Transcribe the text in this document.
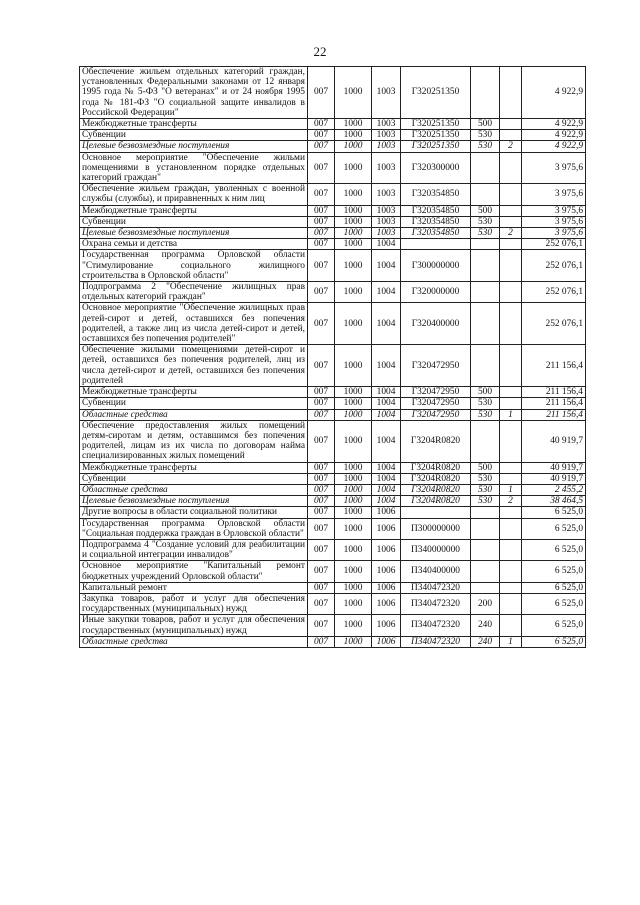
22
Обеспечение жильем отдельных категорий граждан, установленных Федеральными законами от 12 января 1995 года № 5-ФЗ "О ветеранах" и от 24 ноября 1995 года № 181-ФЗ "О социальной защите инвалидов в Российской Федерации"	007	1000	1003	Г320251350			4 922,9
Межбюджетные трансферты	007	1000	1003	Г320251350	500		4 922,9
Субвенции	007	1000	1003	Г320251350	530		4 922,9
Целевые безвозмездные поступления	007	1000	1003	Г320251350	530	2	4 922,9
Основное мероприятие "Обеспечение жильми помещениями в установленном порядке отдельных категорий граждан"	007	1000	1003	Г320300000			3 975,6
Обеспечение жильем граждан, уволенных с военной службы (службы), и приравненных к ним лиц	007	1000	1003	Г320354850			3 975,6
Межбюджетные трансферты	007	1000	1003	Г320354850	500		3 975,6
Субвенции	007	1000	1003	Г320354850	530		3 975,6
Целевые безвозмездные поступления	007	1000	1003	Г320354850	530	2	3 975,6
Охрана семьи и детства	007	1000	1004				252 076,1
Государственная программа Орловской области "Стимулирование социального жилищного строительства в Орловской области"	007	1000	1004	Г300000000			252 076,1
Подпрограмма 2 "Обеспечение жилищных прав отдельных категорий граждан"	007	1000	1004	Г320000000			252 076,1
Основное мероприятие "Обеспечение жилищных прав детей-сирот и детей, оставшихся без попечения родителей, а также лиц из числа детей-сирот и детей, оставшихся без попечения родителей"	007	1000	1004	Г320400000			252 076,1
Обеспечение жилыми помещениями детей-сирот и детей, оставшихся без попечения родителей, лиц из числа детей-сирот и детей, оставшихся без попечения родителей	007	1000	1004	Г320472950			211 156,4
Межбюджетные трансферты	007	1000	1004	Г320472950	500		211 156,4
Субвенции	007	1000	1004	Г320472950	530		211 156,4
Областные средства	007	1000	1004	Г320472950	530	1	211 156,4
Обеспечение предоставления жилых помещений детям-сиротам и детям, оставшимся без попечения родителей, лицам из их числа по договорам найма специализированных жилых помещений	007	1000	1004	Г3204R0820			40 919,7
Межбюджетные трансферты	007	1000	1004	Г3204R0820	500		40 919,7
Субвенции	007	1000	1004	Г3204R0820	530		40 919,7
Областные средства	007	1000	1004	Г3204R0820	530	1	2 455,2
Целевые безвозмездные поступления	007	1000	1004	Г3204R0820	530	2	38 464,5
Другие вопросы в области социальной политики	007	1000	1006				6 525,0
Государственная программа Орловской области "Социальная поддержка граждан в Орловской области"	007	1000	1006	П300000000			6 525,0
Подпрограмма 4 "Создание условий для реабилитации и социальной интеграции инвалидов"	007	1000	1006	П340000000			6 525,0
Основное мероприятие "Капитальный ремонт бюджетных учреждений Орловской области"	007	1000	1006	П340400000			6 525,0
Капитальный ремонт	007	1000	1006	П340472320			6 525,0
Закупка товаров, работ и услуг для обеспечения государственных (муниципальных) нужд	007	1000	1006	П340472320	200		6 525,0
Иные закупки товаров, работ и услуг для обеспечения государственных (муниципальных) нужд	007	1000	1006	П340472320	240		6 525,0
Областные средства	007	1000	1006	П340472320	240	1	6 525,0
